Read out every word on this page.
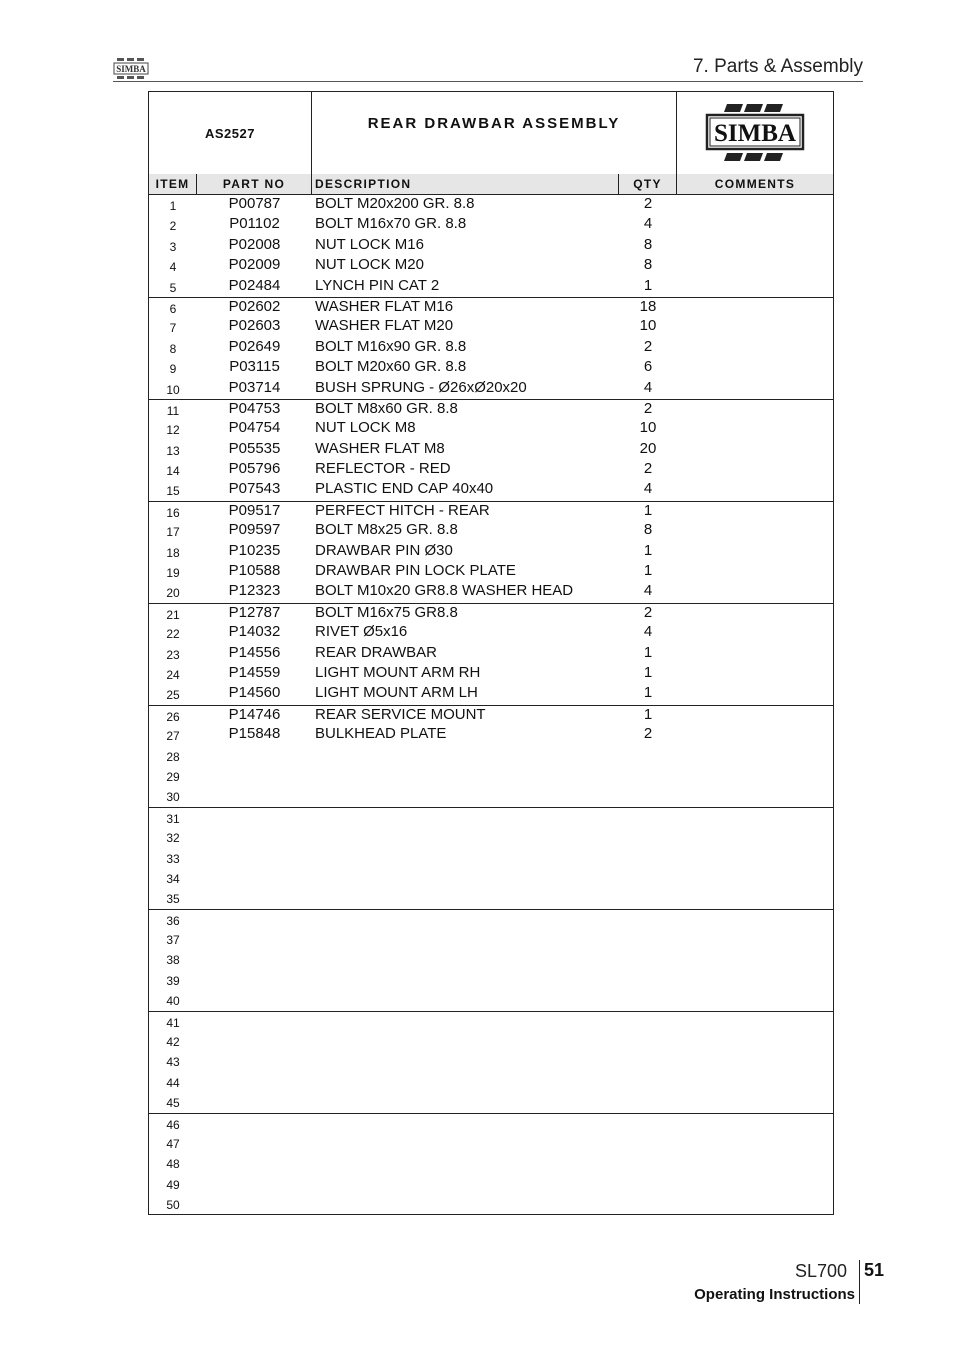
SIMBA	7. Parts & Assembly
AS2527
REAR DRAWBAR ASSEMBLY	SIMBA
ITEM	PART NO	DESCRIPTION	QTY	COMMENTS
1	P00787	BOLT M20x200 GR. 8.8	2
2	P01102	BOLT M16x70 GR. 8.8	4
3	P02008	NUT LOCK M16	8
4	P02009	NUT LOCK M20	8
5	P02484	LYNCH PIN CAT 2	1
6	P02602	WASHER FLAT M16	18
7	P02603	WASHER FLAT M20	10
8	P02649	BOLT M16x90 GR. 8.8	2
9	P03115	BOLT M20x60 GR. 8.8	6
10	P03714	BUSH SPRUNG - Ø26xØ20x20	4
11	P04753	BOLT M8x60 GR. 8.8	2
12	P04754	NUT LOCK M8	10
13	P05535	WASHER FLAT M8	20
14	P05796	REFLECTOR - RED	2
15	P07543	PLASTIC END CAP 40x40	4
16	P09517	PERFECT HITCH - REAR	1
17	P09597	BOLT M8x25 GR. 8.8	8
18	P10235	DRAWBAR PIN Ø30	1
19	P10588	DRAWBAR PIN LOCK PLATE	1
20	P12323	BOLT M10x20 GR8.8 WASHER HEAD	4
21	P12787	BOLT M16x75 GR8.8	2
22	P14032	RIVET Ø5x16	4
23	P14556	REAR DRAWBAR	1
24	P14559	LIGHT MOUNT ARM RH	1
25	P14560	LIGHT MOUNT ARM LH	1
26	P14746	REAR SERVICE MOUNT	1
27	P15848	BULKHEAD PLATE	2
28
29
30
31
32
33
34
35
36
37
38
39
40
41
42
43
44
45
46
47
48
49
50
SL700 51
Operating Instructions
